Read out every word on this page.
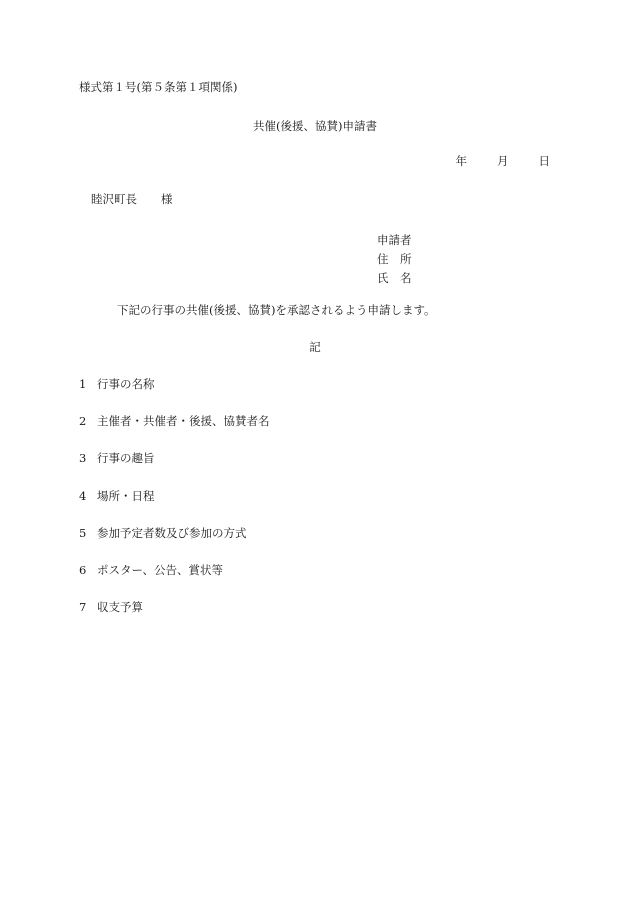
様式第１号(第５条第１項関係)
共催(後援、協賛)申請書
年	月	日
睦沢町長 様
申請者
住　所
氏　名
下記の行事の共催(後援、協賛)を承認されるよう申請します。
記
1 行事の名称
2 主催者・共催者・後援、協賛者名
3 行事の趣旨
4 場所・日程
5 参加予定者数及び参加の方式
6 ポスター、公告、賞状等
7 収支予算
